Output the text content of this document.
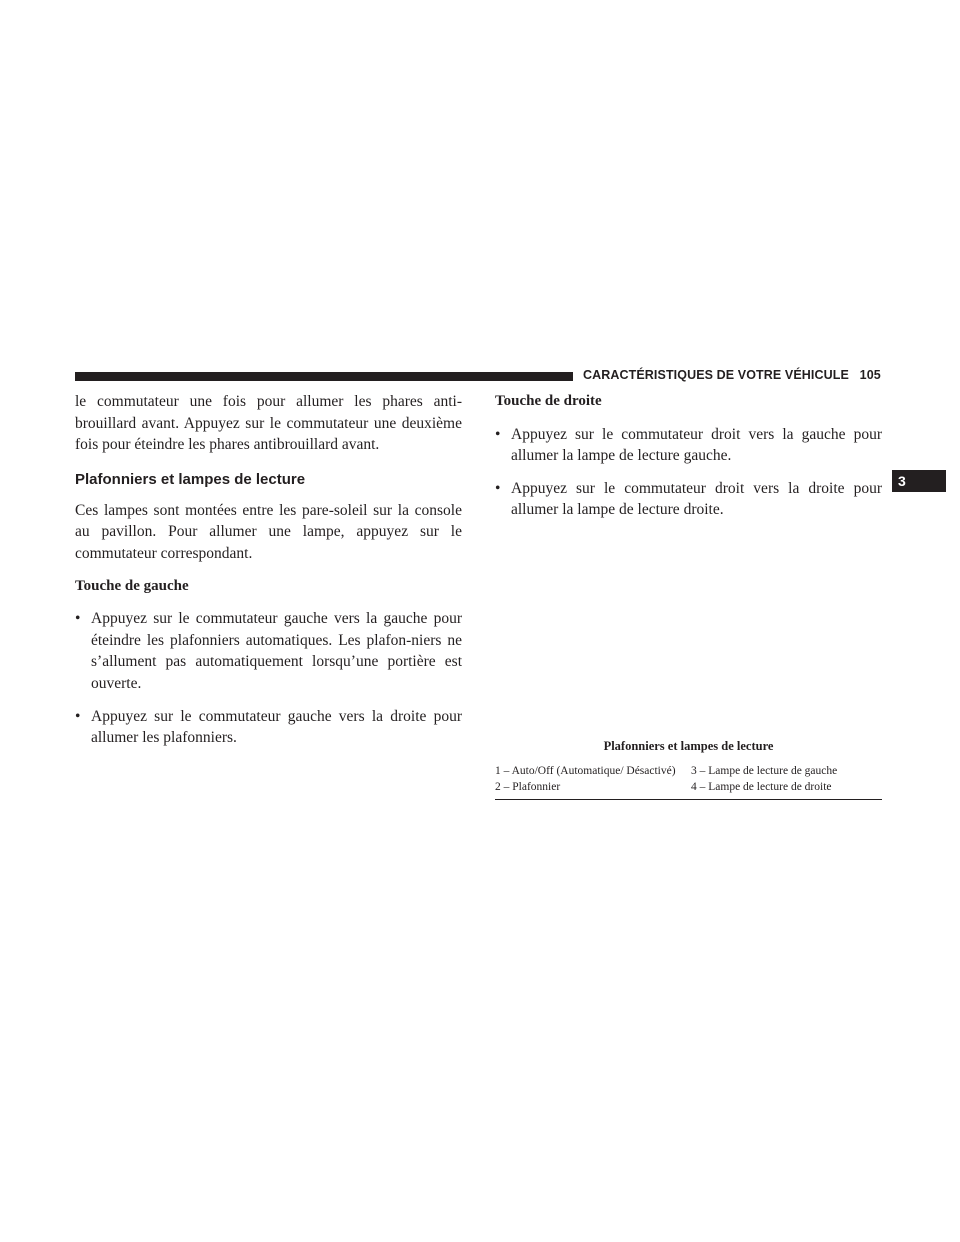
CARACTÉRISTIQUES DE VOTRE VÉHICULE 105
3

le commutateur une fois pour allumer les phares anti-brouillard avant. Appuyez sur le commutateur une deuxième fois pour éteindre les phares antibrouillard avant.

Plafonniers et lampes de lecture

Ces lampes sont montées entre les pare-soleil sur la console au pavillon. Pour allumer une lampe, appuyez sur le commutateur correspondant.

Touche de gauche

• Appuyez sur le commutateur gauche vers la gauche pour éteindre les plafonniers automatiques. Les plafon-niers ne s’allument pas automatiquement lorsqu’une portière est ouverte.
• Appuyez sur le commutateur gauche vers la droite pour allumer les plafonniers.

Touche de droite

• Appuyez sur le commutateur droit vers la gauche pour allumer la lampe de lecture gauche.
• Appuyez sur le commutateur droit vers la droite pour allumer la lampe de lecture droite.
Plafonniers et lampes de lecture
1 – Auto/Off (Automatique/ Désactivé)	3 – Lampe de lecture de gauche
2 – Plafonnier	4 – Lampe de lecture de droite
